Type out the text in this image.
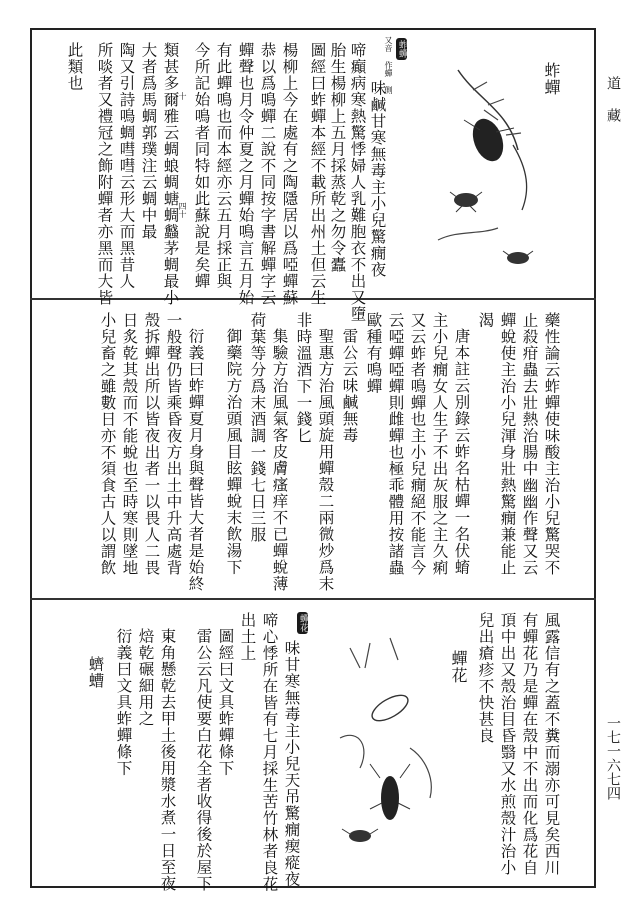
道
藏
一七一六七四
蚱蟬
蚱蟬
又音 作蟬 側
味鹹甘寒無毒主小兒驚癇夜
啼癲病寒熱驚悸婦人乳難胞衣不出又墮
胎生楊柳上五月採蒸乾之勿令蠹
圖經曰蚱蟬本經不載所出州土但云生
楊柳上今在處有之陶隱居以爲啞蟬蘇
恭以爲鳴蟬二說不同按字書解蟬字云
蟬聲也月令仲夏之月蟬始鳴言五月始
有此蟬鳴也而本經亦云五月採正與
今所記始鳴者同特如此蘇說是矣蟬
類甚多爾雅云蜩蜋蜩螗蜩蠽茅蜩最小
大者爲馬蜩郭璞注云蜩中最
陶又引詩鳴蜩嘒嘒云形大而黑昔人
所啖者又禮冠之飾附蟬者亦黑而大皆
此類也
十
四十
藥性論云蚱蟬使味酸主治小兒驚哭不
止殺疳蟲去壯熱治腸中幽幽作聲又云
蟬蛻使主治小兒渾身壯熱驚癇兼能止
渴
唐本註云別錄云蚱名枯蟬一名伏蜟
主小兒癇女人生子不出灰服之主久痢
又云蚱者鳴蟬也主小兒癇絕不能言今
云啞蟬啞蟬則雌蟬也極乖體用按諸蟲
歐種有鳴蟬
雷公云味鹹無毒
聖惠方治風頭旋用蟬殼二兩微炒爲末
非時溫酒下一錢匕
集驗方治風氣客皮膚瘙痒不已蟬蛻薄
荷葉等分爲末酒調一錢七日三服
御藥院方治頭風目眩蟬蛻末飲湯下
衍義曰蚱蟬夏月身與聲皆大者是始終
一般聲仍皆乘昏夜方出土中升高處背
殼拆蟬出所以皆夜出者一以畏人二畏
日炙乾其殼而不能蛻也至時寒則墜地
小兒畜之雖數日亦不須食古人以謂飲
風露信有之蓋不糞而溺亦可見矣西川
有蟬花乃是蟬在殼中不出而化爲花自
頂中出又殼治目昏翳又水煎殼汁治小
兒出瘡疹不快甚良
蟬花
蟬花
味甘寒無毒主小兒天吊驚癇瘈瘲夜
啼心悸所在皆有七月採生苦竹林者良花
出土上
圖經曰文具蚱蟬條下
雷公云凡使要白花全者收得後於屋下
東角懸乾去甲土後用漿水煮一日至夜
焙乾碾細用之
衍義曰文具蚱蟬條下
蠐螬
